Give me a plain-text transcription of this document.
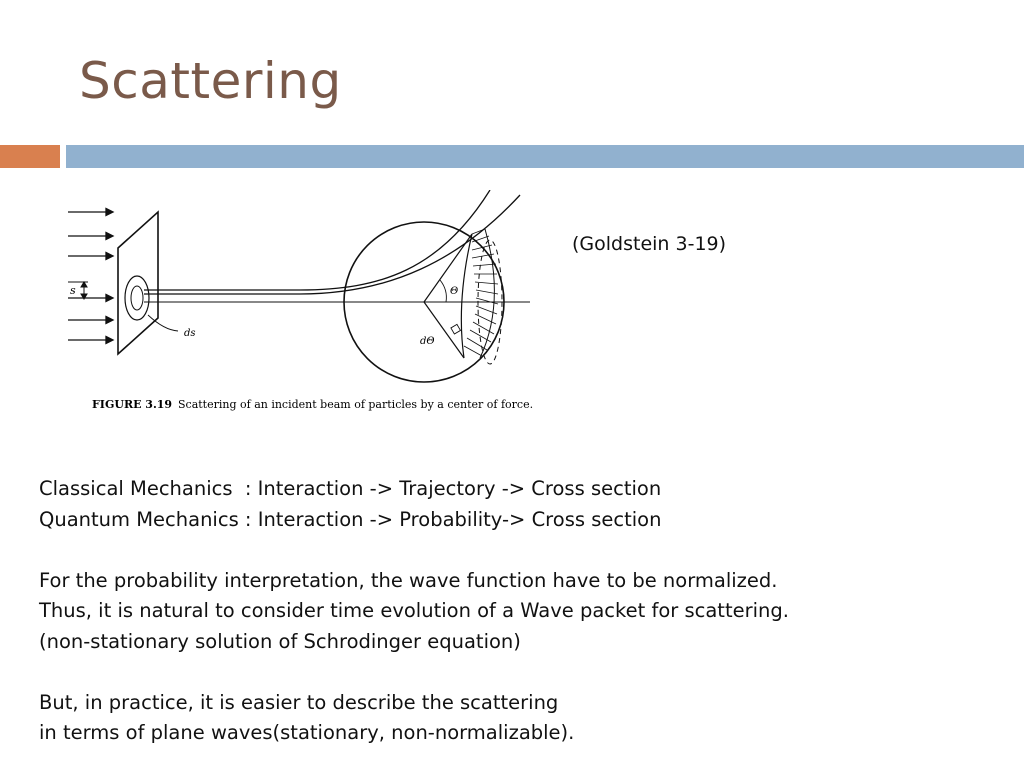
Scattering
s
ds
Θ
dΘ
FIGURE 3.19 Scattering of an incident beam of particles by a center of force.
(Goldstein 3-19)
Classical Mechanics  : Interaction -> Trajectory -> Cross section
Quantum Mechanics : Interaction -> Probability-> Cross section
For the probability interpretation, the wave function have to be normalized.
Thus, it is natural to consider time evolution of a Wave packet for scattering.
(non-stationary solution of Schrodinger equation)
But, in practice, it is easier to describe the scattering
in terms of plane waves(stationary, non-normalizable).
